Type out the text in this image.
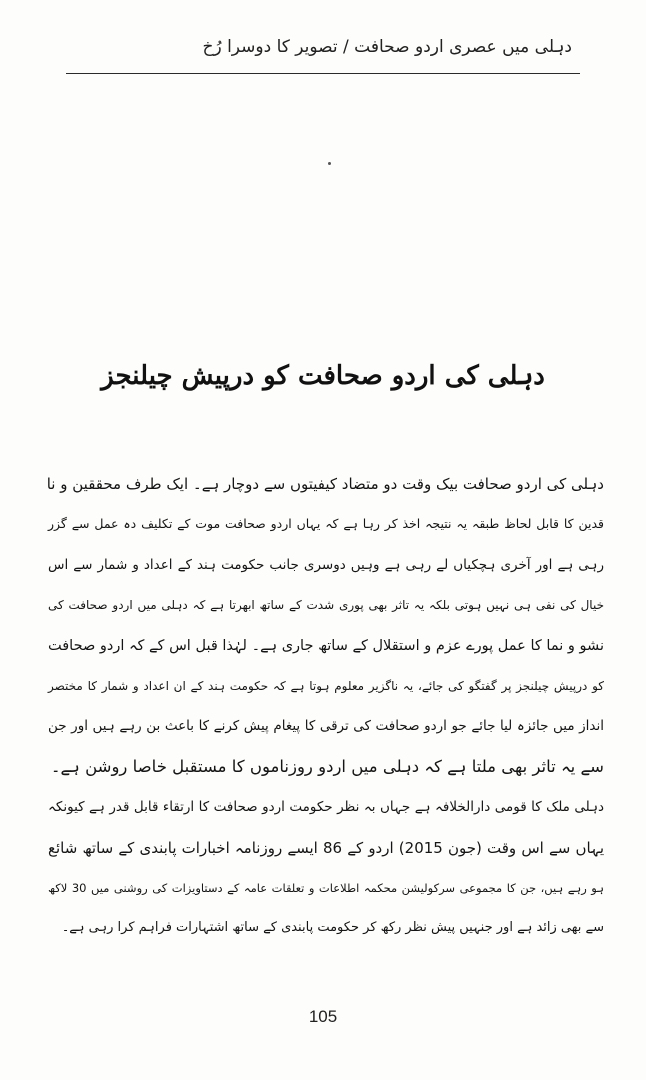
دہلی میں عصری اردو صحافت / تصویر کا دوسرا رُخ
دہلی کی اردو صحافت کو درپیش چیلنجز
دہلی کی اردو صحافت بیک وقت دو متضاد کیفیتوں سے دوچار ہے۔ ایک طرف محققین و نا
قدین کا قابل لحاظ طبقہ یہ نتیجہ اخذ کر رہا ہے کہ یہاں اردو صحافت موت کے تکلیف دہ عمل سے گزر
رہی ہے اور آخری ہچکیاں لے رہی ہے وہیں دوسری جانب حکومت ہند کے اعداد و شمار سے اس
خیال کی نفی ہی نہیں ہوتی بلکہ یہ تاثر بھی پوری شدت کے ساتھ ابھرتا ہے کہ دہلی میں اردو صحافت کی
نشو و نما کا عمل پورے عزم و استقلال کے ساتھ جاری ہے۔ لہٰذا قبل اس کے کہ اردو صحافت
کو درپیش چیلنجز پر گفتگو کی جائے، یہ ناگزیر معلوم ہوتا ہے کہ حکومت ہند کے ان اعداد و شمار کا مختصر
انداز میں جائزہ لیا جائے جو اردو صحافت کی ترقی کا پیغام پیش کرنے کا باعث بن رہے ہیں اور جن
سے یہ تاثر بھی ملتا ہے کہ دہلی میں اردو روزناموں کا مستقبل خاصا روشن ہے۔
دہلی ملک کا قومی دارالخلافہ ہے جہاں بہ نظر حکومت اردو صحافت کا ارتقاء قابل قدر ہے کیونکہ
یہاں سے اس وقت (جون 2015) اردو کے 86 ایسے روزنامہ اخبارات پابندی کے ساتھ شائع
ہو رہے ہیں، جن کا مجموعی سرکولیشن محکمہ اطلاعات و تعلقات عامہ کے دستاویزات کی روشنی میں 30 لاکھ
سے بھی زائد ہے اور جنہیں پیش نظر رکھ کر حکومت پابندی کے ساتھ اشتہارات فراہم کرا رہی ہے۔
105
